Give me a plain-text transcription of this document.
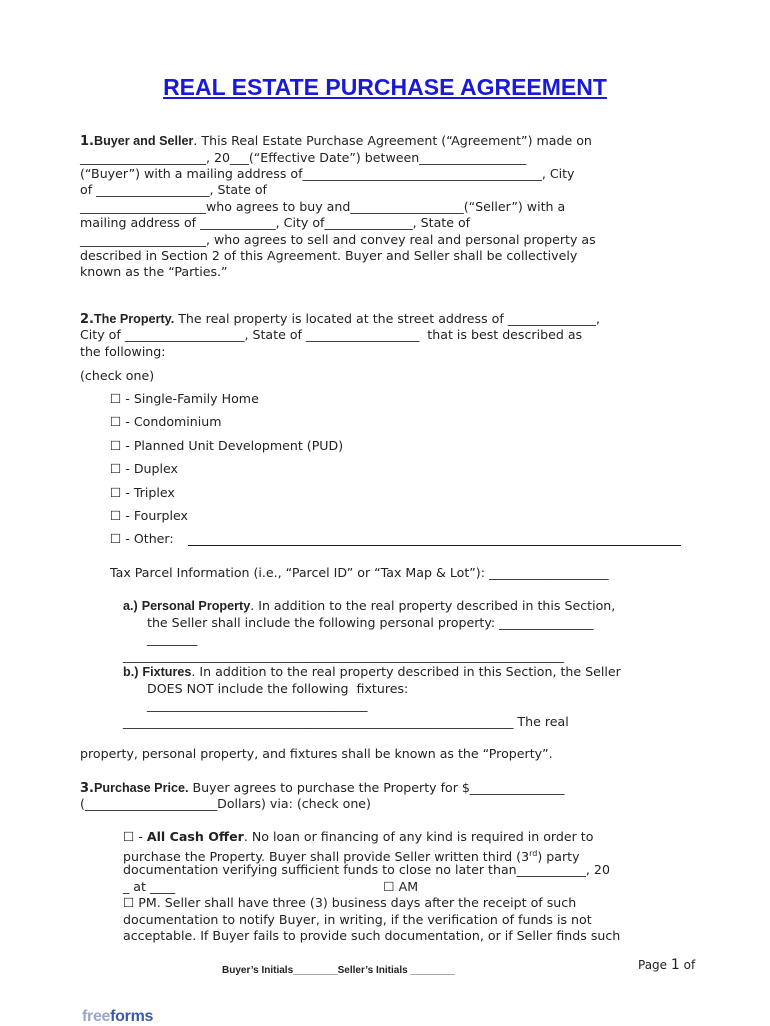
REAL ESTATE PURCHASE AGREEMENT
1.Buyer and Seller. This Real Estate Purchase Agreement (“Agreement”) made on
____________________, 20___(“Effective Date”) between_________________
(“Buyer”) with a mailing address of______________________________________, City
of __________________, State of
____________________who agrees to buy and__________________(“Seller”) with a
mailing address of ____________, City of______________, State of
____________________, who agrees to sell and convey real and personal property as
described in Section 2 of this Agreement. Buyer and Seller shall be collectively
known as the “Parties.”
2.The Property. The real property is located at the street address of ______________,
City of ___________________, State of __________________  that is best described as
the following:
(check one)
☐ - Single-Family Home
☐ - Condominium
☐ - Planned Unit Development (PUD)
☐ - Duplex
☐ - Triplex
☐ - Fourplex
☐ - Other:
Tax Parcel Information (i.e., “Parcel ID” or “Tax Map & Lot”): ___________________
a.) Personal Property. In addition to the real property described in this Section,
the Seller shall include the following personal property: _______________
________
______________________________________________________________________
b.) Fixtures. In addition to the real property described in this Section, the Seller
DOES NOT include the following  fixtures:
___________________________________
______________________________________________________________ The real
property, personal property, and fixtures shall be known as the “Property”.
3.Purchase Price. Buyer agrees to purchase the Property for $_______________
(_____________________Dollars) via: (check one)
☐ - All Cash Offer. No loan or financing of any kind is required in order to
purchase the Property. Buyer shall provide Seller written third (3rd) party
documentation verifying sufficient funds to close no later than___________, 20
_ at ____                                                    ☐ AM
☐ PM. Seller shall have three (3) business days after the receipt of such
documentation to notify Buyer, in writing, if the verification of funds is not
acceptable. If Buyer fails to provide such documentation, or if Seller finds such
Buyer’s Initials________Seller’s Initials ________	Page 1 of
freeforms
